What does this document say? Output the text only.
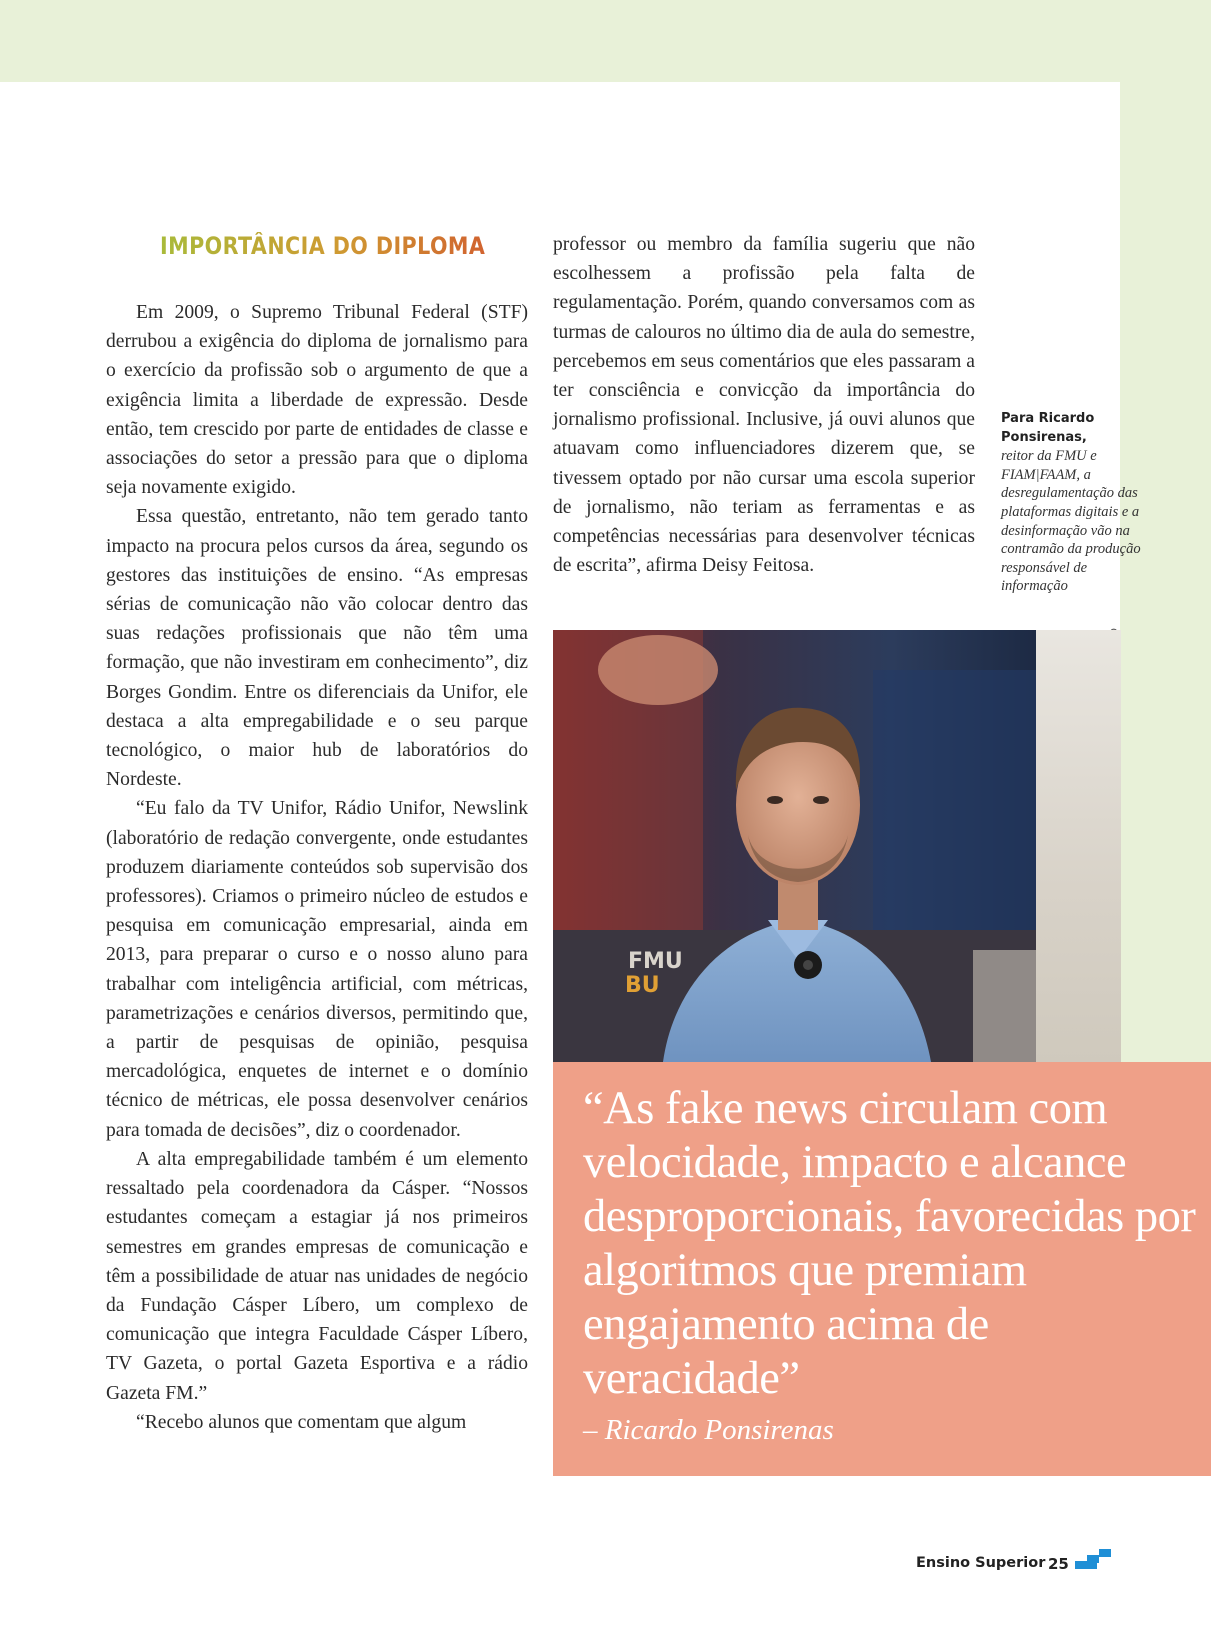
IMPORTÂNCIA DO DIPLOMA

Em 2009, o Supremo Tribunal Federal (STF) derrubou a exigência do diploma de jornalismo para o exercício da profissão sob o argumento de que a exigência limita a liberdade de expressão. Desde então, tem crescido por parte de entidades de classe e associações do setor a pressão para que o diploma seja novamente exigido.

Essa questão, entretanto, não tem gerado tanto impacto na procura pelos cursos da área, segundo os gestores das instituições de ensino. “As empresas sérias de comunicação não vão colocar dentro das suas redações profissionais que não têm uma formação, que não investiram em conhecimento”, diz Borges Gondim. Entre os diferenciais da Unifor, ele destaca a alta empregabilidade e o seu parque tecnológico, o maior hub de laboratórios do Nordeste.

“Eu falo da TV Unifor, Rádio Unifor, Newslink (laboratório de redação convergente, onde estudantes produzem diariamente conteúdos sob supervisão dos professores). Criamos o primeiro núcleo de estudos e pesquisa em comunicação empresarial, ainda em 2013, para preparar o curso e o nosso aluno para trabalhar com inteligência artificial, com métricas, parametrizações e cenários diversos, permitindo que, a partir de pesquisas de opinião, pesquisa mercadológica, enquetes de internet e o domínio técnico de métricas, ele possa desenvolver cenários para tomada de decisões”, diz o coordenador.

A alta empregabilidade também é um elemento ressaltado pela coordenadora da Cásper. “Nossos estudantes começam a estagiar já nos primeiros semestres em grandes empresas de comunicação e têm a possibilidade de atuar nas unidades de negócio da Fundação Cásper Líbero, um complexo de comunicação que integra Faculdade Cásper Líbero, TV Gazeta, o portal Gazeta Esportiva e a rádio Gazeta FM.”

“Recebo alunos que comentam que algum

professor ou membro da família sugeriu que não escolhessem a profissão pela falta de regulamentação. Porém, quando conversamos com as turmas de calouros no último dia de aula do semestre, percebemos em seus comentários que eles passaram a ter consciência e convicção da importância do jornalismo profissional. Inclusive, já ouvi alunos que atuavam como influenciadores dizerem que, se tivessem optado por não cursar uma escola superior de jornalismo, não teriam as ferramentas e as competências necessárias para desenvolver técnicas de escrita”, afirma Deisy Feitosa.

Para Ricardo Ponsirenas,
reitor da FMU e FIAM|FAAM, a desregulamentação das plataformas digitais e a desinformação vão na contramão da produção responsável de informação
FMU
BU

“As fake news circulam com velocidade, impacto e alcance desproporcionais, favorecidas por algoritmos que premiam engajamento acima de veracidade”

– Ricardo Ponsirenas
Ensino Superior 25
